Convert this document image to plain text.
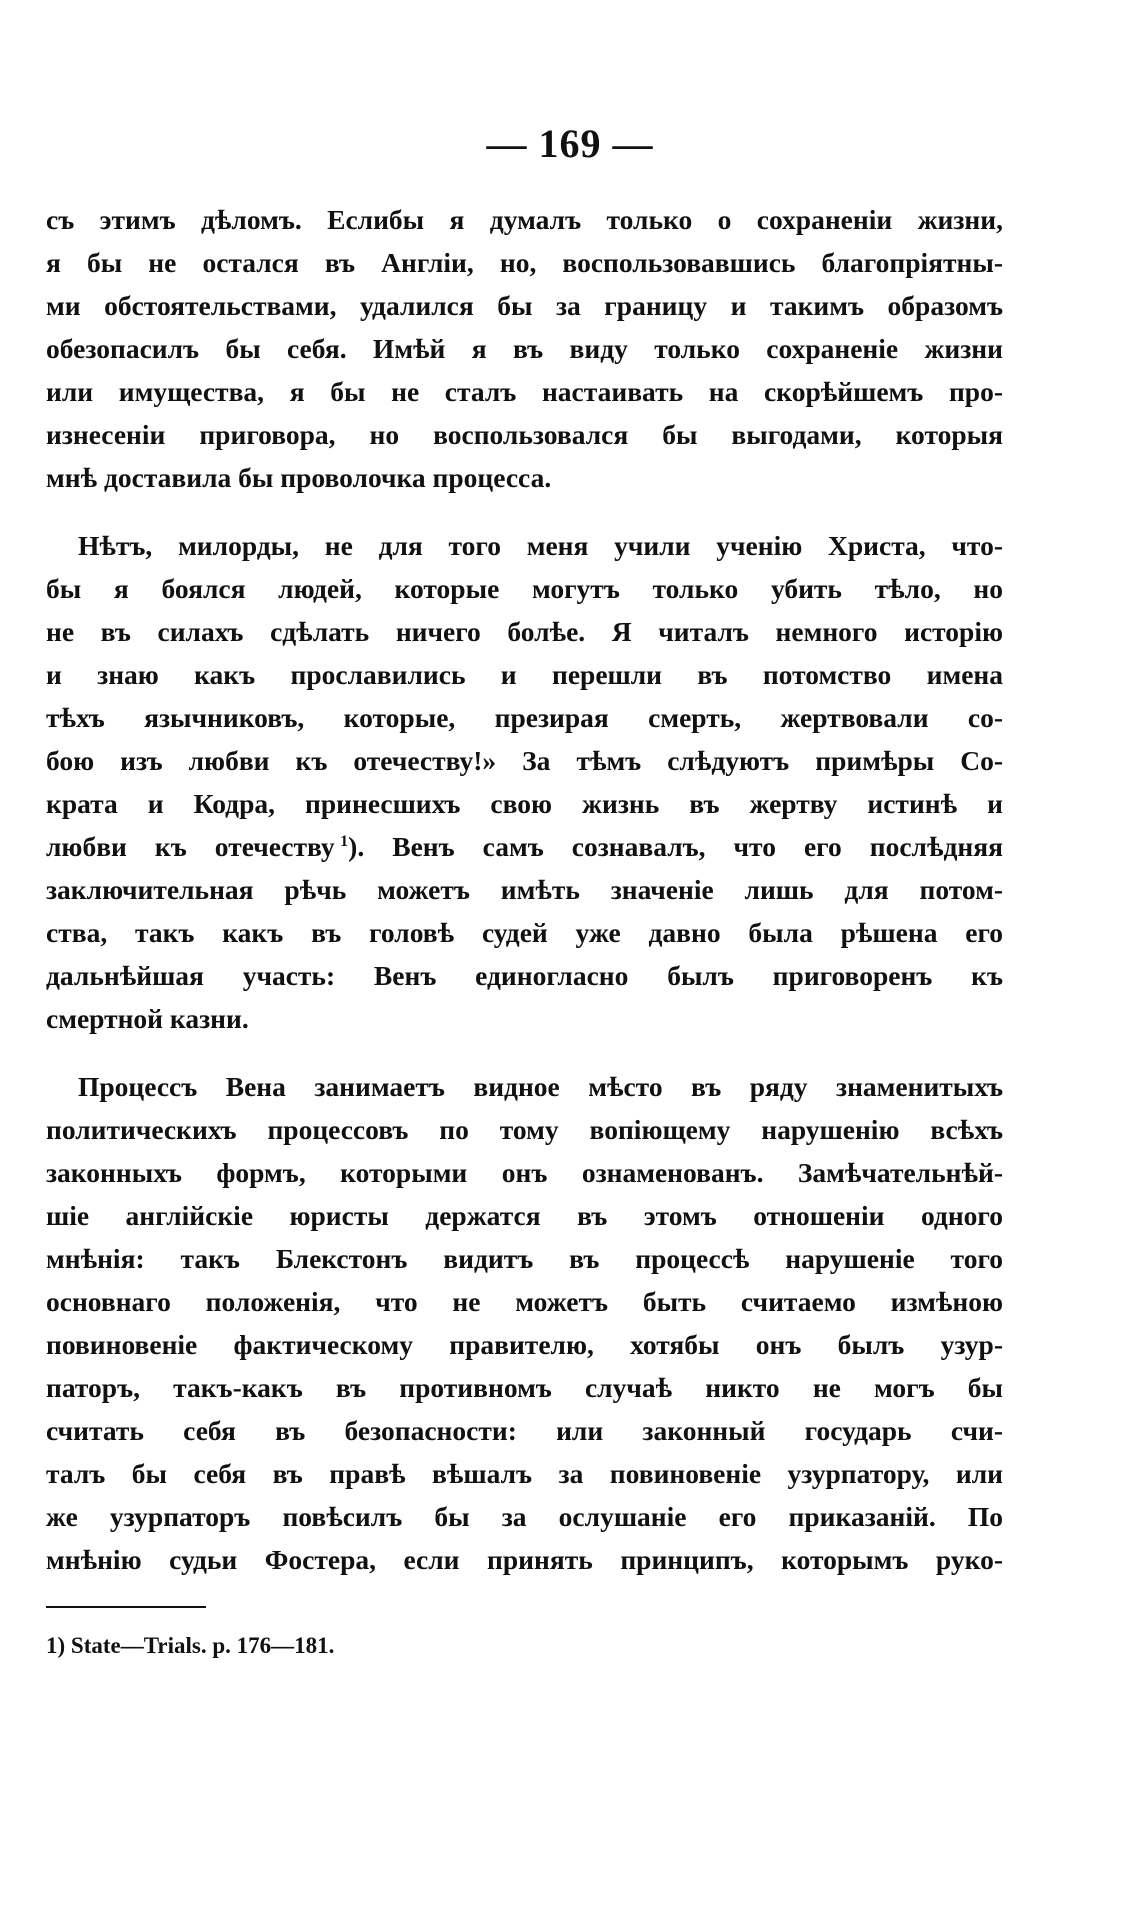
— 169 —
съ этимъ дѣломъ. Еслибы я думалъ только о сохраненіи жизни,
я бы не остался въ Англіи, но, воспользовавшись благопріятны-
ми обстоятельствами, удалился бы за границу и такимъ образомъ
обезопасилъ бы себя. Имѣй я въ виду только сохраненіе жизни
или имущества, я бы не сталъ настаивать на скорѣйшемъ про-
изнесеніи приговора, но воспользовался бы выгодами, которыя
мнѣ доставила бы проволочка процесса.
Нѣтъ, милорды, не для того меня учили ученію Христа, что-
бы я боялся людей, которые могутъ только убить тѣло, но
не въ силахъ сдѣлать ничего болѣе. Я читалъ немного исторію
и знаю какъ прославились и перешли въ потомство имена
тѣхъ язычниковъ, которые, презирая смерть, жертвовали со-
бою изъ любви къ отечеству!» За тѣмъ слѣдуютъ примѣры Со-
крата и Кодра, принесшихъ свою жизнь въ жертву истинѣ и
любви къ отечеству  $^1$). Венъ самъ сознавалъ, что его послѣдняя
заключительная рѣчь можетъ имѣть значеніе лишь для потом-
ства, такъ какъ въ головѣ судей уже давно была рѣшена его
дальнѣйшая участь: Венъ единогласно былъ приговоренъ къ
смертной казни.
Процессъ Вена занимаетъ видное мѣсто въ ряду знаменитыхъ
политическихъ процессовъ по тому вопіющему нарушенію всѣхъ
законныхъ формъ, которыми онъ ознаменованъ. Замѣчательнѣй-
шіе англійскіе юристы держатся въ этомъ отношеніи одного
мнѣнія: такъ Блекстонъ видитъ въ процессѣ нарушеніе того
основнаго положенія, что не можетъ быть считаемо измѣною
повиновеніе фактическому правителю, хотябы онъ былъ узур-
паторъ, такъ-какъ въ противномъ случаѣ никто не могъ бы
считать себя въ безопасности: или законный государь счи-
талъ бы себя въ правѣ вѣшалъ за повиновеніе узурпатору, или
же узурпаторъ повѣсилъ бы за ослушаніе его приказаній. По
мнѣнію судьи Фостера, если принять принципъ, которымъ руко-
1) State—Trials. p. 176—181.
